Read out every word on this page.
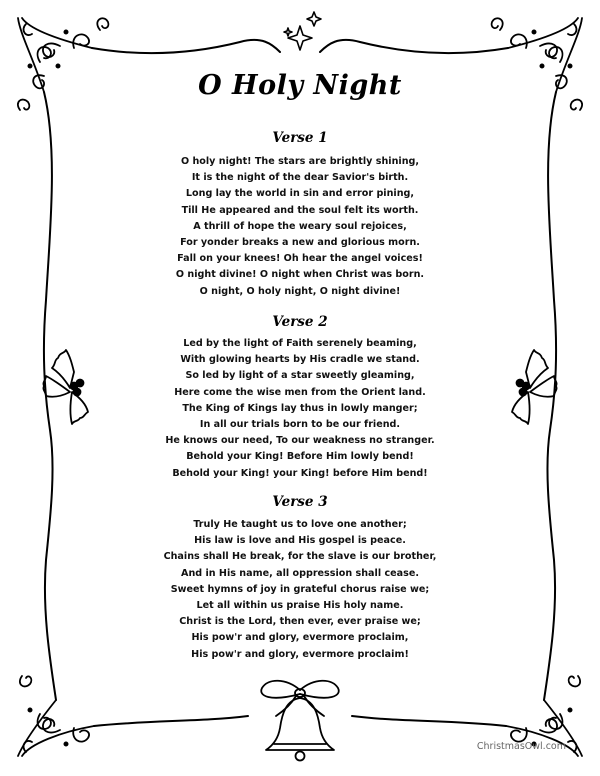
O Holy Night
Verse 1
O holy night! The stars are brightly shining,
It is the night of the dear Savior's birth.
Long lay the world in sin and error pining,
Till He appeared and the soul felt its worth.
A thrill of hope the weary soul rejoices,
For yonder breaks a new and glorious morn.
Fall on your knees! Oh hear the angel voices!
O night divine! O night when Christ was born.
O night, O holy night, O night divine!
Verse 2
Led by the light of Faith serenely beaming,
With glowing hearts by His cradle we stand.
So led by light of a star sweetly gleaming,
Here come the wise men from the Orient land.
The King of Kings lay thus in lowly manger;
In all our trials born to be our friend.
He knows our need, To our weakness no stranger.
Behold your King! Before Him lowly bend!
Behold your King! your King! before Him bend!
Verse 3
Truly He taught us to love one another;
His law is love and His gospel is peace.
Chains shall He break, for the slave is our brother,
And in His name, all oppression shall cease.
Sweet hymns of joy in grateful chorus raise we;
Let all within us praise His holy name.
Christ is the Lord, then ever, ever praise we;
His pow'r and glory, evermore proclaim,
His pow'r and glory, evermore proclaim!
ChristmasOwl.com
